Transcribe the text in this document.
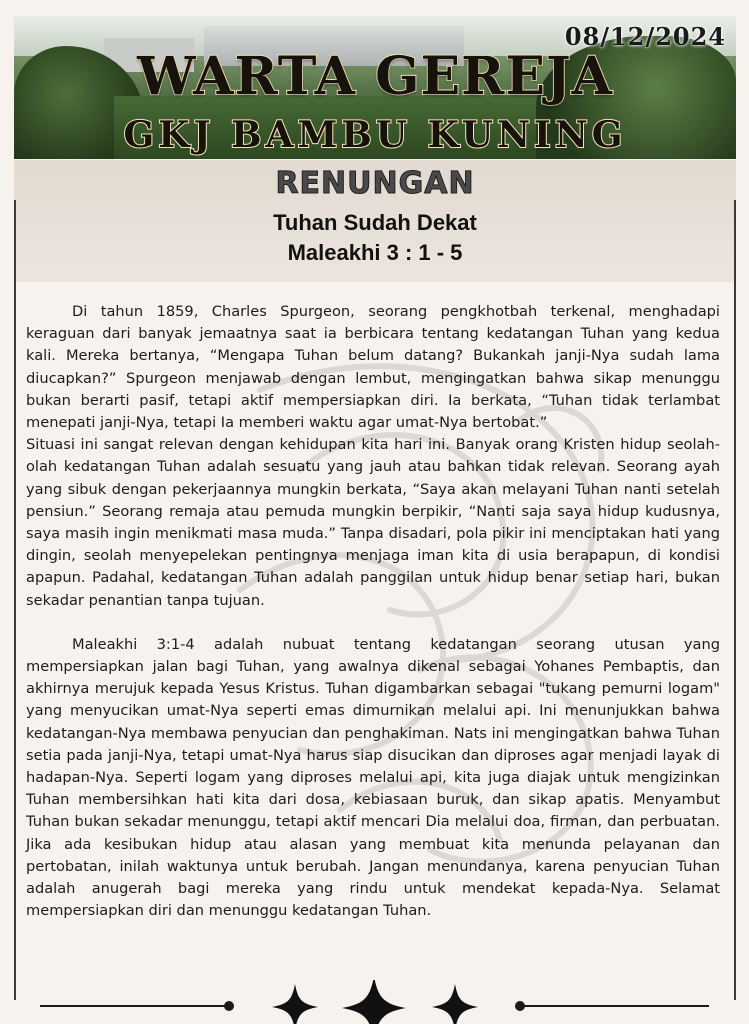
08/12/2024
WARTA GEREJA
GKJ BAMBU KUNING
RENUNGAN
Tuhan Sudah Dekat
Maleakhi 3 : 1 - 5

Di tahun 1859, Charles Spurgeon, seorang pengkhotbah terkenal, menghadapi keraguan dari banyak jemaatnya saat ia berbicara tentang kedatangan Tuhan yang kedua kali. Mereka bertanya, “Mengapa Tuhan belum datang? Bukankah janji-Nya sudah lama diucapkan?” Spurgeon menjawab dengan lembut, mengingatkan bahwa sikap menunggu bukan berarti pasif, tetapi aktif mempersiapkan diri. Ia berkata, “Tuhan tidak terlambat menepati janji-Nya, tetapi Ia memberi waktu agar umat-Nya bertobat.”

Situasi ini sangat relevan dengan kehidupan kita hari ini. Banyak orang Kristen hidup seolah-olah kedatangan Tuhan adalah sesuatu yang jauh atau bahkan tidak relevan. Seorang ayah yang sibuk dengan pekerjaannya mungkin berkata, “Saya akan melayani Tuhan nanti setelah pensiun.” Seorang remaja atau pemuda mungkin berpikir, “Nanti saja saya hidup kudusnya, saya masih ingin menikmati masa muda.” Tanpa disadari, pola pikir ini menciptakan hati yang dingin, seolah menyepelekan pentingnya menjaga iman kita di usia berapapun, di kondisi apapun. Padahal, kedatangan Tuhan adalah panggilan untuk hidup benar setiap hari, bukan sekadar penantian tanpa tujuan.

Maleakhi 3:1-4 adalah nubuat tentang kedatangan seorang utusan yang mempersiapkan jalan bagi Tuhan, yang awalnya dikenal sebagai Yohanes Pembaptis, dan akhirnya merujuk kepada Yesus Kristus. Tuhan digambarkan sebagai "tukang pemurni logam" yang menyucikan umat-Nya seperti emas dimurnikan melalui api. Ini menunjukkan bahwa kedatangan-Nya membawa penyucian dan penghakiman. Nats ini mengingatkan bahwa Tuhan setia pada janji-Nya, tetapi umat-Nya harus siap disucikan dan diproses agar menjadi layak di hadapan-Nya. Seperti logam yang diproses melalui api, kita juga diajak untuk mengizinkan Tuhan membersihkan hati kita dari dosa, kebiasaan buruk, dan sikap apatis. Menyambut Tuhan bukan sekadar menunggu, tetapi aktif mencari Dia melalui doa, firman, dan perbuatan. Jika ada kesibukan hidup atau alasan yang membuat kita menunda pelayanan dan pertobatan, inilah waktunya untuk berubah. Jangan menundanya, karena penyucian Tuhan adalah anugerah bagi mereka yang rindu untuk mendekat kepada-Nya. Selamat mempersiapkan diri dan menunggu kedatangan Tuhan.
